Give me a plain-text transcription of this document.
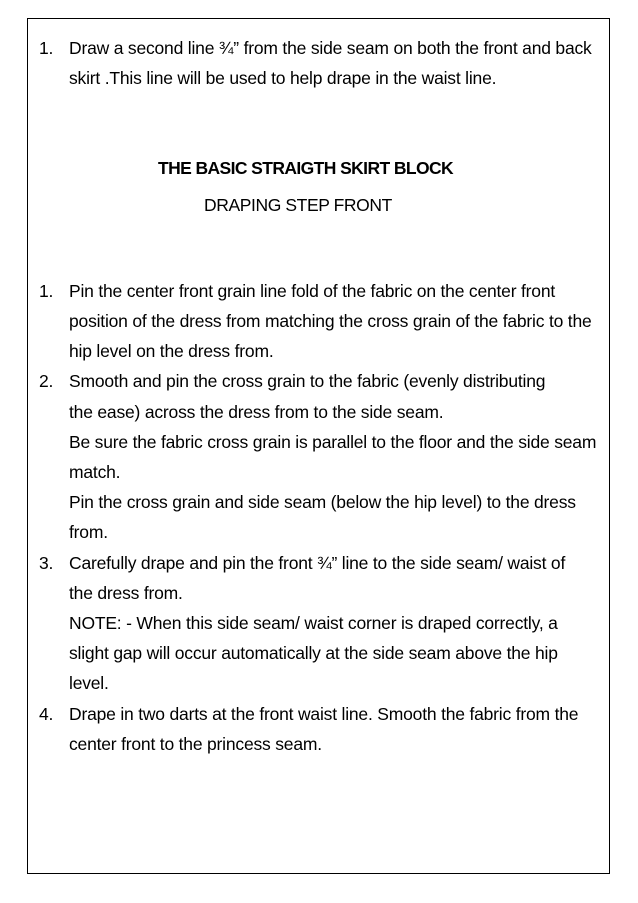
1. Draw a second line ¾” from the side seam on both the front and back skirt .This line will be used to help drape in the waist line.
THE BASIC STRAIGTH SKIRT BLOCK
DRAPING STEP FRONT
1. Pin the center front grain line fold of the fabric on the center front position of the dress from matching the cross grain of the fabric to the hip level on the dress from.
2. Smooth and pin the cross grain to the fabric (evenly distributing the ease) across the dress from to the side seam.
Be sure the fabric cross grain is parallel to the floor and the side seam match.
Pin the cross grain and side seam (below the hip level) to the dress from.
3. Carefully drape and pin the front ¾” line to the side seam/ waist of the dress from.
NOTE: - When this side seam/ waist corner is draped correctly, a slight gap will occur automatically at the side seam above the hip level.
4. Drape in two darts at the front waist line. Smooth the fabric from the center front to the princess seam.
